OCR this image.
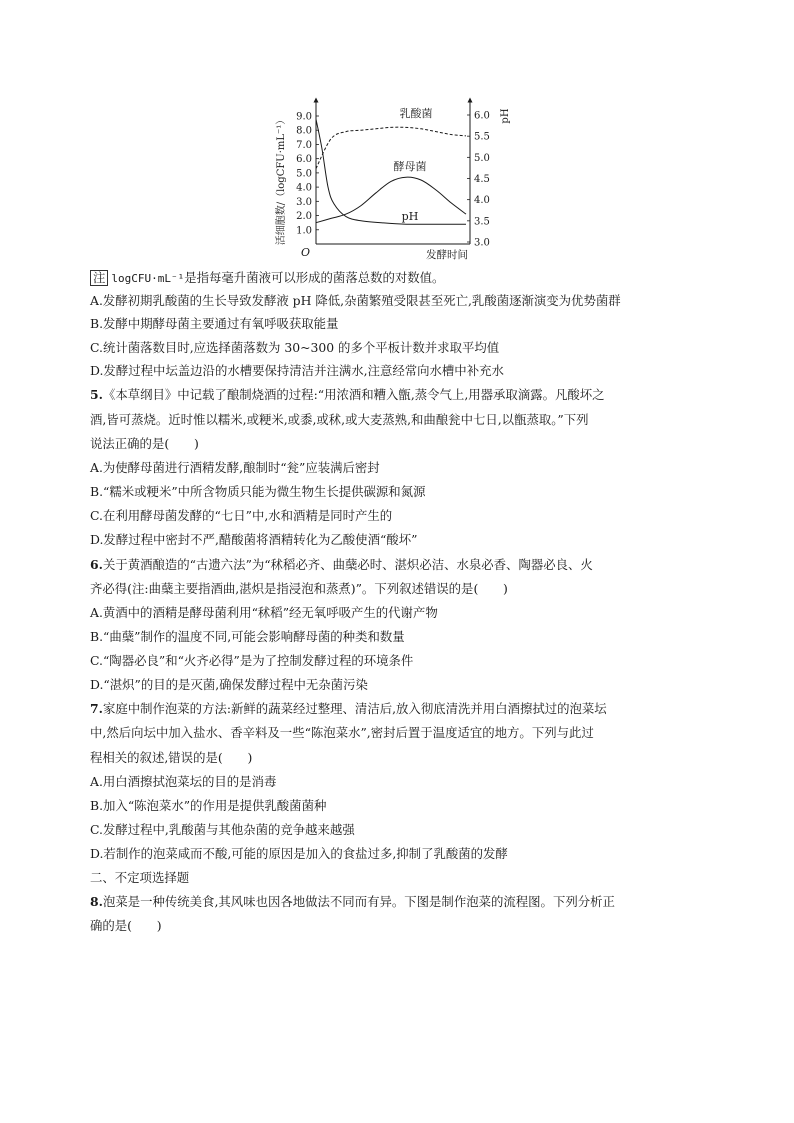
9.0
8.0
7.0
6.0
5.0
4.0
3.0
2.0
1.0
6.0
5.5
5.0
4.5
4.0
3.5
3.0
活细胞数/（logCFU·mL⁻¹）	pH
O	发酵时间
乳酸菌
酵母菌
pH
注 logCFU·mL⁻¹是指每毫升菌液可以形成的菌落总数的对数值。
A.发酵初期乳酸菌的生长导致发酵液 pH 降低,杂菌繁殖受限甚至死亡,乳酸菌逐渐演变为优势菌群
B.发酵中期酵母菌主要通过有氧呼吸获取能量
C.统计菌落数目时,应选择菌落数为 30~300 的多个平板计数并求取平均值
D.发酵过程中坛盖边沿的水槽要保持清洁并注满水,注意经常向水槽中补充水
5.《本草纲目》中记载了酿制烧酒的过程:“用浓酒和糟入甑,蒸令气上,用器承取滴露。凡酸坏之
酒,皆可蒸烧。近时惟以糯米,或粳米,或黍,或秫,或大麦蒸熟,和曲酿瓮中七日,以甑蒸取。”下列
说法正确的是(　　)
A.为使酵母菌进行酒精发酵,酿制时“瓮”应装满后密封
B.“糯米或粳米”中所含物质只能为微生物生长提供碳源和氮源
C.在利用酵母菌发酵的“七日”中,水和酒精是同时产生的
D.发酵过程中密封不严,醋酸菌将酒精转化为乙酸使酒“酸坏”
6.关于黄酒酿造的“古遗六法”为“秫稻必齐、曲蘖必时、湛炽必洁、水泉必香、陶器必良、火
齐必得(注:曲蘖主要指酒曲,湛炽是指浸泡和蒸煮)”。下列叙述错误的是(　　)
A.黄酒中的酒精是酵母菌利用“秫稻”经无氧呼吸产生的代谢产物
B.“曲蘖”制作的温度不同,可能会影响酵母菌的种类和数量
C.“陶器必良”和“火齐必得”是为了控制发酵过程的环境条件
D.“湛炽”的目的是灭菌,确保发酵过程中无杂菌污染
7.家庭中制作泡菜的方法:新鲜的蔬菜经过整理、清洁后,放入彻底清洗并用白酒擦拭过的泡菜坛
中,然后向坛中加入盐水、香辛料及一些“陈泡菜水”,密封后置于温度适宜的地方。下列与此过
程相关的叙述,错误的是(　　)
A.用白酒擦拭泡菜坛的目的是消毒
B.加入“陈泡菜水”的作用是提供乳酸菌菌种
C.发酵过程中,乳酸菌与其他杂菌的竞争越来越强
D.若制作的泡菜咸而不酸,可能的原因是加入的食盐过多,抑制了乳酸菌的发酵
二、不定项选择题
8.泡菜是一种传统美食,其风味也因各地做法不同而有异。下图是制作泡菜的流程图。下列分析正
确的是(　　)
